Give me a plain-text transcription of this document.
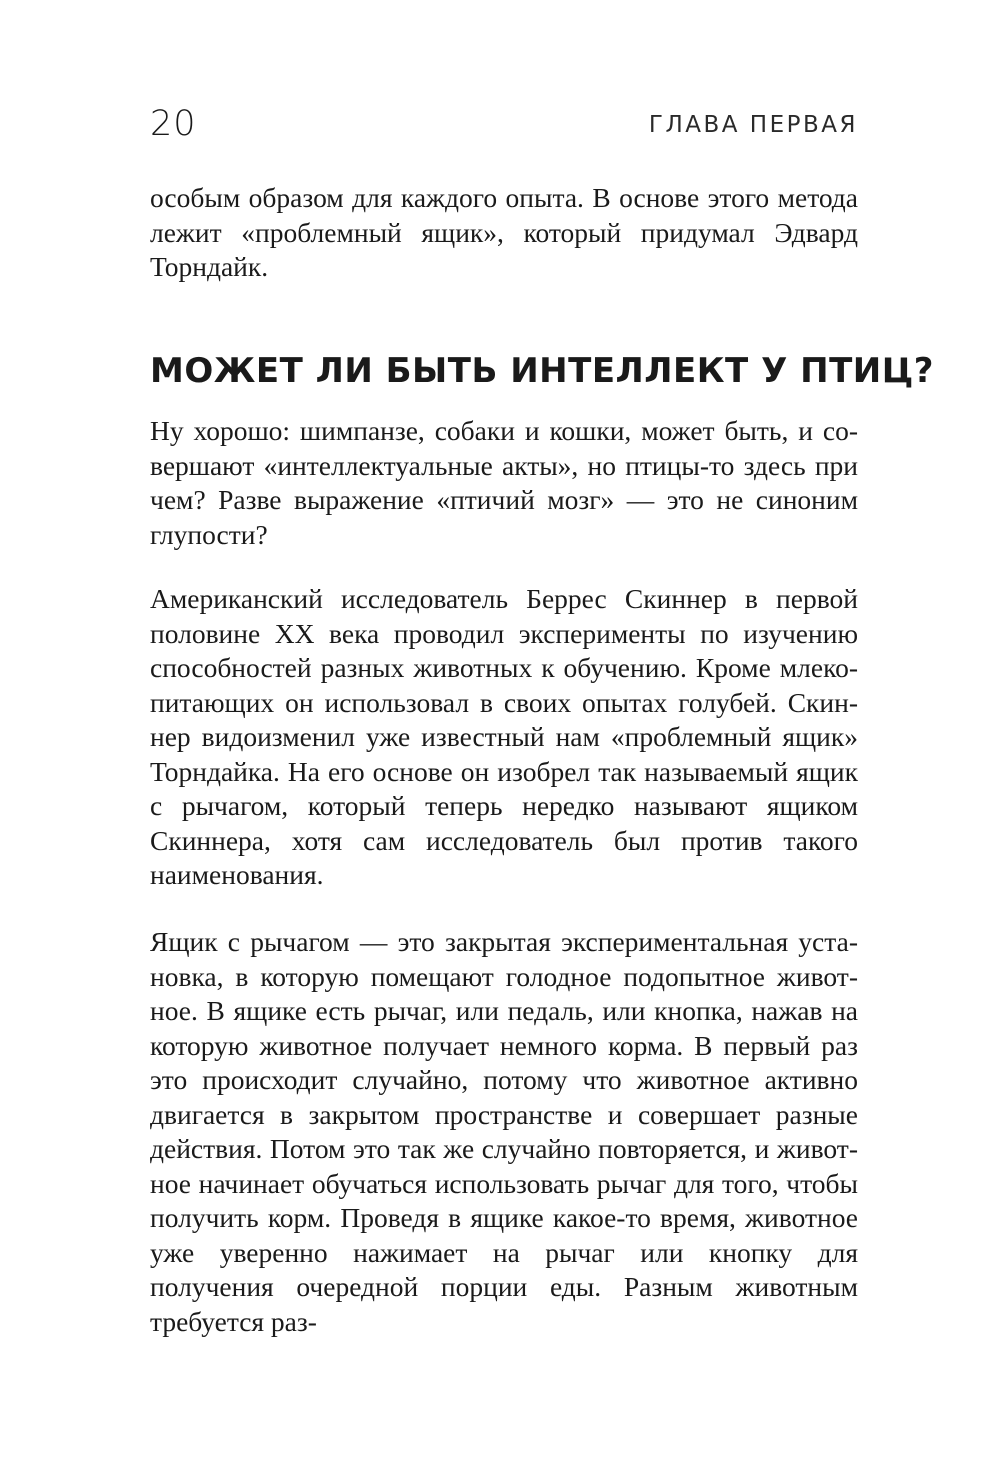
20	ГЛАВА ПЕРВАЯ

особым образом для каждого опыта. В основе этого метода лежит «проблемный ящик», который придумал Эдвард Торндайк.

МОЖЕТ ЛИ БЫТЬ ИНТЕЛЛЕКТ У ПТИЦ?

Ну хорошо: шимпанзе, собаки и кошки, может быть, и совершают «интеллектуальные акты», но птицы-то здесь при чем? Разве выражение «птичий мозг» — это не синоним глупости?

Американский исследователь Беррес Скиннер в первой половине XX века проводил эксперименты по изучению способностей разных животных к обучению. Кроме млекопитающих он использовал в своих опытах голубей. Скиннер видоизменил уже известный нам «проблемный ящик» Торндайка. На его основе он изобрел так называемый ящик с рычагом, который теперь нередко называют ящиком Скиннера, хотя сам исследователь был против такого наименования.

Ящик с рычагом — это закрытая экспериментальная установка, в которую помещают голодное подопытное животное. В ящике есть рычаг, или педаль, или кнопка, нажав на которую животное получает немного корма. В первый раз это происходит случайно, потому что животное активно двигается в закрытом пространстве и совершает разные действия. Потом это так же случайно повторяется, и животное начинает обучаться использовать рычаг для того, чтобы получить корм. Проведя в ящике какое-то время, животное уже уверенно нажимает на рычаг или кнопку для получения очередной порции еды. Разным животным требуется раз-
